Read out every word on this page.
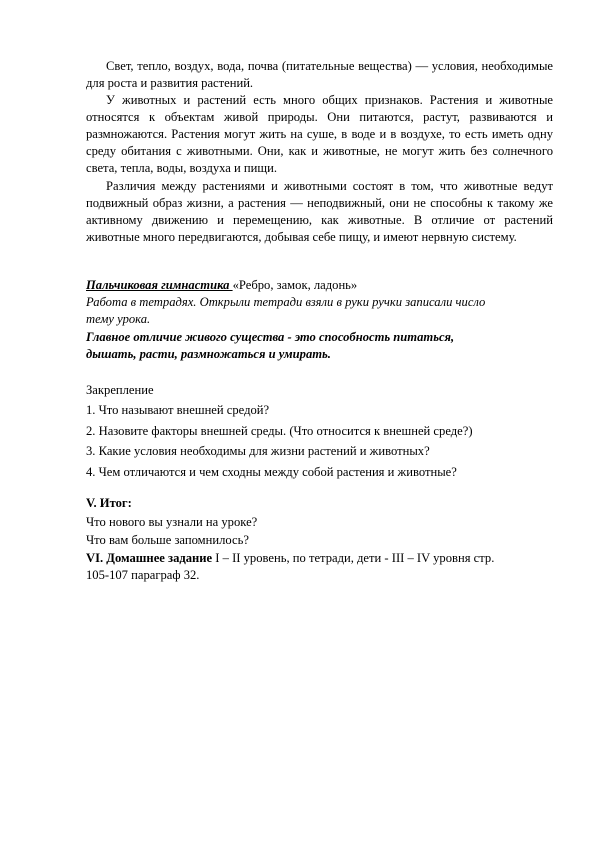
Свет, тепло, воздух, вода, почва (питательные вещества) — условия, необходимые для роста и развития растений.

У животных и растений есть много общих признаков. Растения и животные относятся к объектам живой природы. Они питаются, растут, развиваются и размножаются. Растения могут жить на суше, в воде и в воздухе, то есть иметь одну среду обитания с животными. Они, как и животные, не могут жить без солнечного света, тепла, воды, воздуха и пищи.

Различия между растениями и животными состоят в том, что животные ведут подвижный образ жизни, а растения — неподвижный, они не способны к такому же активному движению и перемещению, как животные. В отличие от растений животные много передвигаются, добывая себе пищу, и имеют нервную систему.

Пальчиковая гимнастика «Ребро, замок, ладонь»
Работа в тетрадях. Открыли тетради взяли в руки ручки записали число
тему урока.
Главное отличие живого существа - это способность питаться,
дышать, расти, размножаться и умирать.
Закрепление
1. Что называют внешней средой?
2. Назовите факторы внешней среды. (Что относится к внешней среде?)
3. Какие условия необходимы для жизни растений и животных?
4. Чем отличаются и чем сходны между собой растения и животные?
V. Итог:
Что нового вы узнали на уроке?
Что вам больше запомнилось?
VI. Домашнее задание I – II уровень, по тетради, дети - III – IV уровня стр.
105-107 параграф 32.
